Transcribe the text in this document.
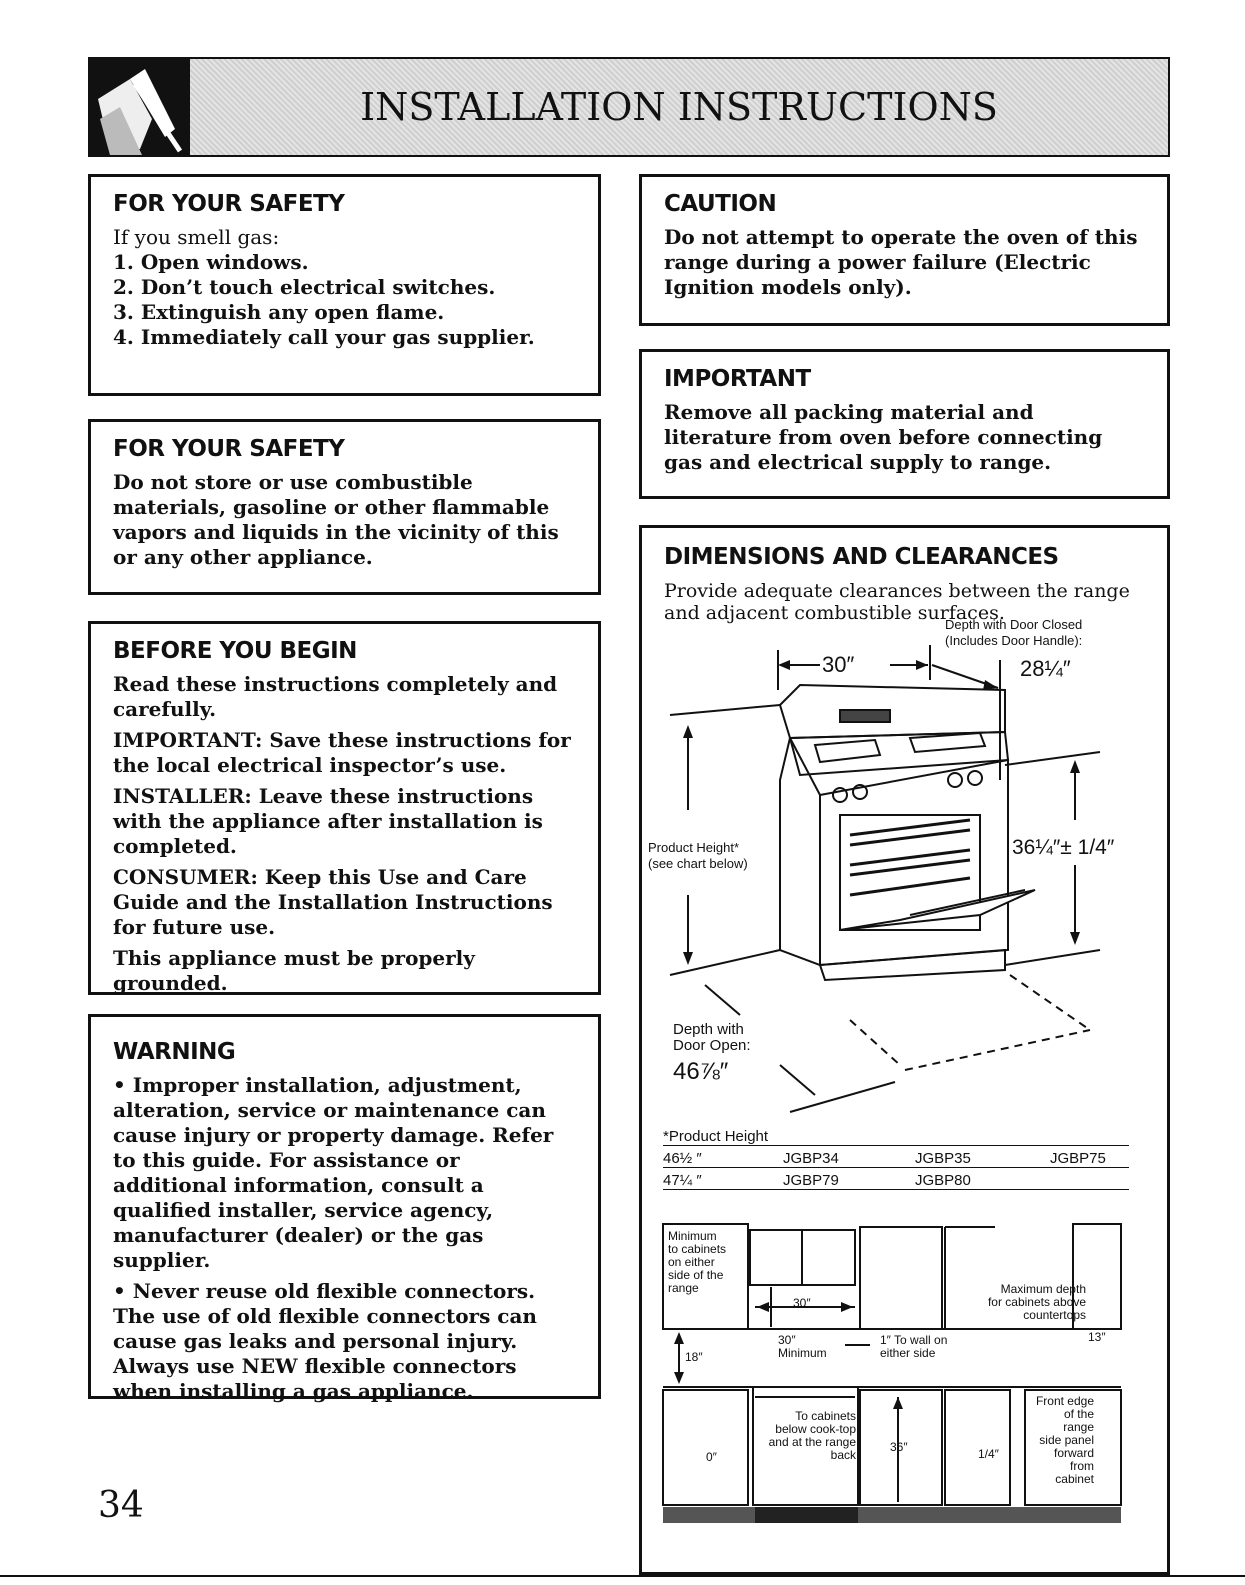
INSTALLATION INSTRUCTIONS
FOR YOUR SAFETY

If you smell gas:

1. Open windows.
2. Don’t touch electrical switches.
3. Extinguish any open flame.
4. Immediately call your gas supplier.
FOR YOUR SAFETY

Do not store or use combustible materials, gasoline or other flammable vapors and liquids in the vicinity of this or any other appliance.

BEFORE YOU BEGIN

Read these instructions completely and carefully.

IMPORTANT: Save these instructions for the local electrical inspector’s use.

INSTALLER: Leave these instructions with the appliance after installation is completed.

CONSUMER: Keep this Use and Care Guide and the Installation Instructions for future use.

This appliance must be properly grounded.

WARNING

• Improper installation, adjustment, alteration, service or maintenance can cause injury or property damage. Refer to this guide. For assistance or additional information, consult a qualified installer, service agency, manufacturer (dealer) or the gas supplier.

• Never reuse old flexible connectors. The use of old flexible connectors can cause gas leaks and personal injury. Always use NEW flexible connectors when installing a gas appliance.

CAUTION

Do not attempt to operate the oven of this range during a power failure (Electric Ignition models only).

IMPORTANT

Remove all packing material and literature from oven before connecting gas and electrical supply to range.

DIMENSIONS AND CLEARANCES

Provide adequate clearances between the range and adjacent combustible surfaces.

Depth with Door Closed
(Includes Door Handle):
28¼″
30″
Product Height*
(see chart below)
36¼″± 1/4″
Depth with
Door Open:
46⅞″
*Product Height
46½ ″	JGBP34	JGBP35	JGBP75
47¼ ″	JGBP79	JGBP80
Minimum
to cabinets
on either
side of the
range
30″
Maximum depth
for cabinets above
countertops
13″
18″
30″
Minimum
1″ To wall on
either side
To cabinets
below cook-top
and at the range
back
0″
36″	1/4″
Front edge
of the range
side panel
forward
from
cabinet
34
